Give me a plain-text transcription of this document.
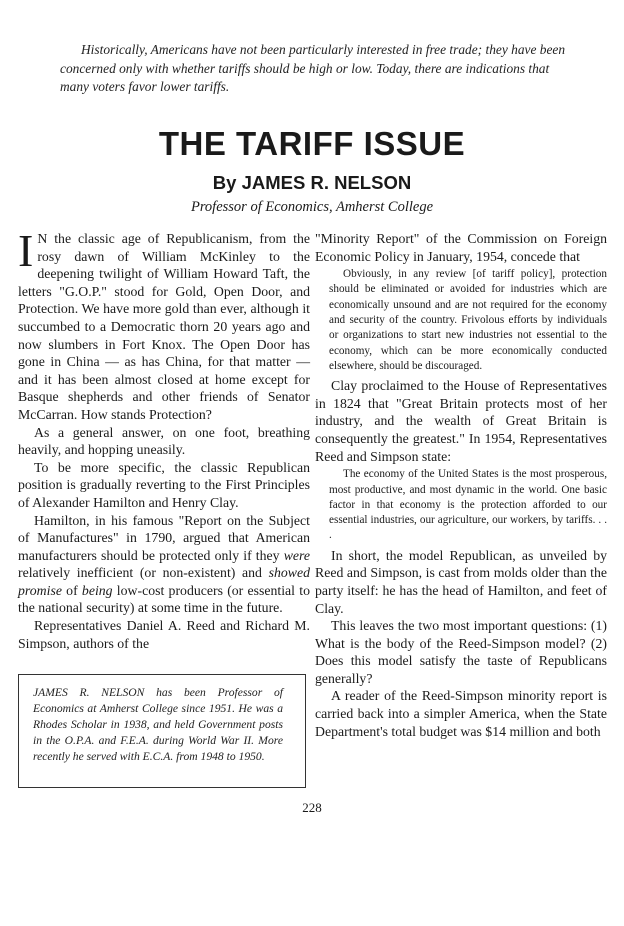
Historically, Americans have not been particularly interested in free trade; they have been concerned only with whether tariffs should be high or low. Today, there are indications that many voters favor lower tariffs.

THE TARIFF ISSUE
By JAMES R. NELSON
Professor of Economics, Amherst College

I N the classic age of Republicanism, from the rosy dawn of William McKinley to the deepening twilight of William Howard Taft, the letters "G.O.P." stood for Gold, Open Door, and Protection. We have more gold than ever, although it succumbed to a Democratic thorn 20 years ago and now slumbers in Fort Knox. The Open Door has gone in China — as has China, for that matter — and it has been almost closed at home except for Basque shepherds and other friends of Senator McCarran. How stands Protection?

As a general answer, on one foot, breathing heavily, and hopping uneasily.

To be more specific, the classic Republican position is gradually reverting to the First Principles of Alexander Hamilton and Henry Clay.

Hamilton, in his famous "Report on the Subject of Manufactures" in 1790, argued that American manufacturers should be protected only if they were relatively inefficient (or non-existent) and showed promise of being low-cost producers (or essential to the national security) at some time in the future.

Representatives Daniel A. Reed and Richard M. Simpson, authors of the

JAMES R. NELSON has been Professor of Economics at Amherst College since 1951. He was a Rhodes Scholar in 1938, and held Government posts in the O.P.A. and F.E.A. during World War II. More recently he served with E.C.A. from 1948 to 1950.

"Minority Report" of the Commission on Foreign Economic Policy in January, 1954, concede that

Obviously, in any review [of tariff policy], protection should be eliminated or avoided for industries which are economically unsound and are not required for the economy and security of the country. Frivolous efforts by individuals or organizations to start new industries not essential to the economy, which can be more economically conducted elsewhere, should be discouraged.

Clay proclaimed to the House of Representatives in 1824 that "Great Britain protects most of her industry, and the wealth of Great Britain is consequently the greatest." In 1954, Representatives Reed and Simpson state:

The economy of the United States is the most prosperous, most productive, and most dynamic in the world. One basic factor in that economy is the protection afforded to our essential industries, our agriculture, our workers, by tariffs. . . .

In short, the model Republican, as unveiled by Reed and Simpson, is cast from molds older than the party itself: he has the head of Hamilton, and feet of Clay.

This leaves the two most important questions: (1) What is the body of the Reed-Simpson model? (2) Does this model satisfy the taste of Republicans generally?

A reader of the Reed-Simpson minority report is carried back into a simpler America, when the State Department's total budget was $14 million and both

228
